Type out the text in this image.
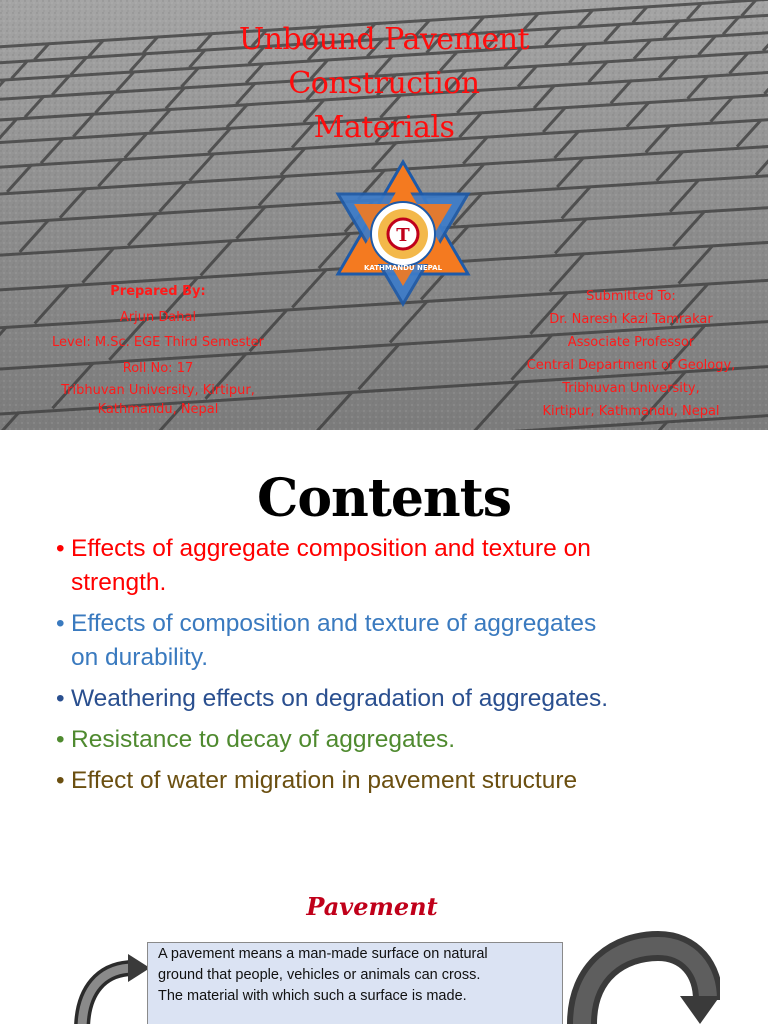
Unbound Pavement
Construction
Materials
T
KATHMANDU NEPAL
Prepared By:
Arjun Dahal
Level: M.Sc. EGE Third Semester
Roll No: 17
Tribhuvan University, Kirtipur,
Kathmandu, Nepal
Submitted To:
Dr. Naresh Kazi Tamrakar
Associate Professor
Central Department of Geology,
Tribhuvan University,
Kirtipur, Kathmandu, Nepal
Contents
• Effects of aggregate composition and texture on
strength.
• Effects of composition and texture of aggregates
on durability.
• Weathering effects on degradation of aggregates.
• Resistance to decay of aggregates.
• Effect of water migration in pavement structure
Pavement
A pavement means a man-made surface on natural
ground that people, vehicles or animals can cross.
The material with which such a surface is made.
